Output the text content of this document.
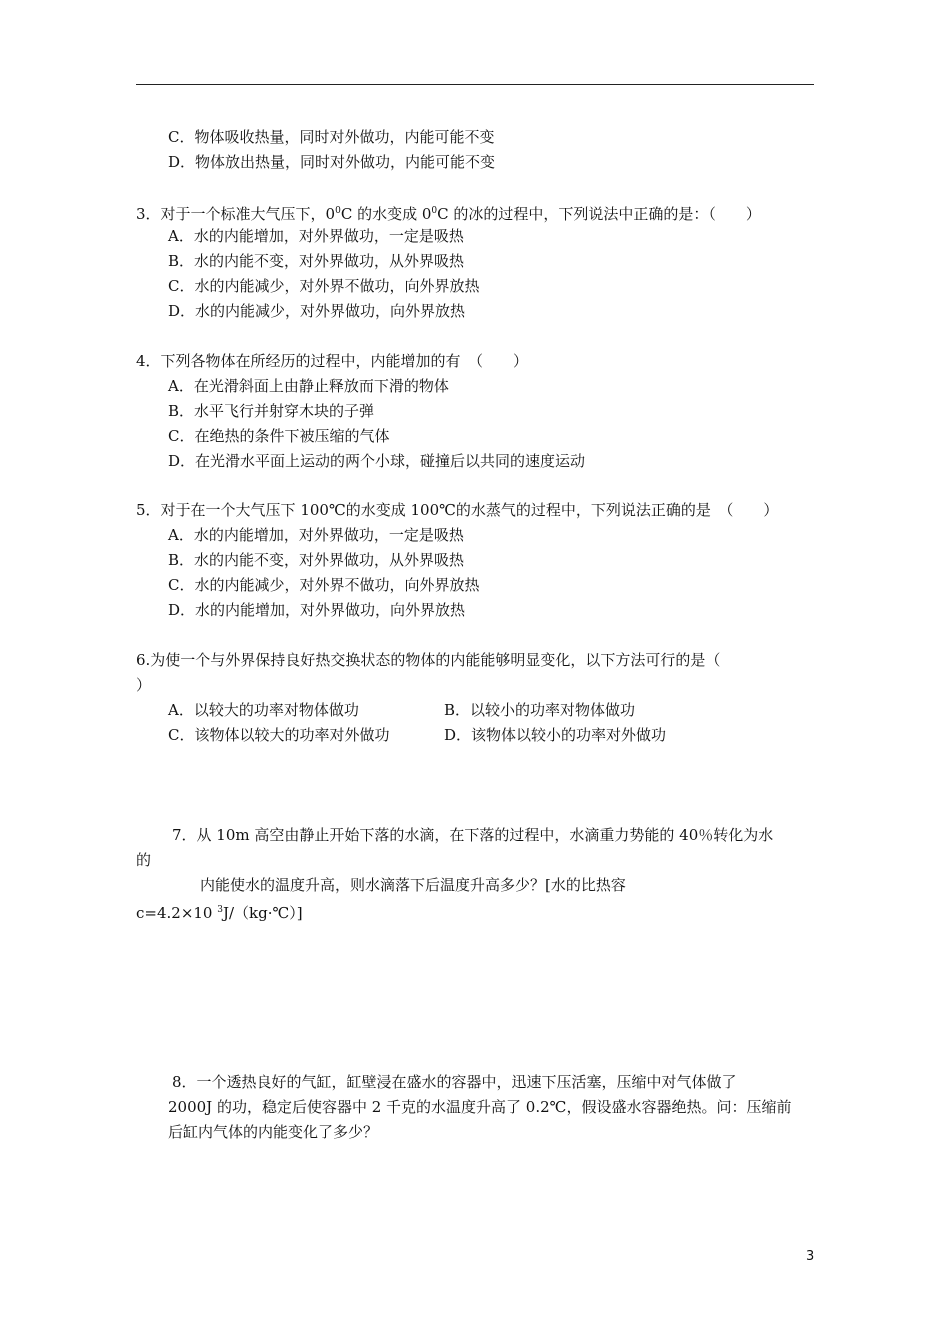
C．物体吸收热量，同时对外做功，内能可能不变
D．物体放出热量，同时对外做功，内能可能不变
3．对于一个标准大气压下，$0^0C$ 的水变成 $0^0C$ 的冰的过程中，下列说法中正确的是：（　　）
A．水的内能增加，对外界做功，一定是吸热
B．水的内能不变，对外界做功，从外界吸热
C．水的内能减少，对外界不做功，向外界放热
D．水的内能减少，对外界做功，向外界放热
4．下列各物体在所经历的过程中，内能增加的有　（　　）
A．在光滑斜面上由静止释放而下滑的物体
B．水平飞行并射穿木块的子弹
C．在绝热的条件下被压缩的气体
D．在光滑水平面上运动的两个小球，碰撞后以共同的速度运动
5．对于在一个大气压下 100℃的水变成 100℃的水蒸气的过程中，下列说法正确的是　（　　）
A．水的内能增加，对外界做功，一定是吸热
B．水的内能不变，对外界做功，从外界吸热
C．水的内能减少，对外界不做功，向外界放热
D．水的内能增加，对外界做功，向外界放热
6.为使一个与外界保持良好热交换状态的物体的内能能够明显变化，以下方法可行的是（
）
A．以较大的功率对物体做功	B．以较小的功率对物体做功
C．该物体以较大的功率对外做功	D．该物体以较小的功率对外做功
7．从 10m 高空由静止开始下落的水滴，在下落的过程中，水滴重力势能的 40％转化为水
的
内能使水的温度升高，则水滴落下后温度升高多少？[水的比热容
c=4.2×10 $^3$J/（kg·℃）]
8．一个透热良好的气缸，缸壁浸在盛水的容器中，迅速下压活塞，压缩中对气体做了
2000J 的功，稳定后使容器中 2 千克的水温度升高了 0.2℃，假设盛水容器绝热。问：压缩前
后缸内气体的内能变化了多少？
3
